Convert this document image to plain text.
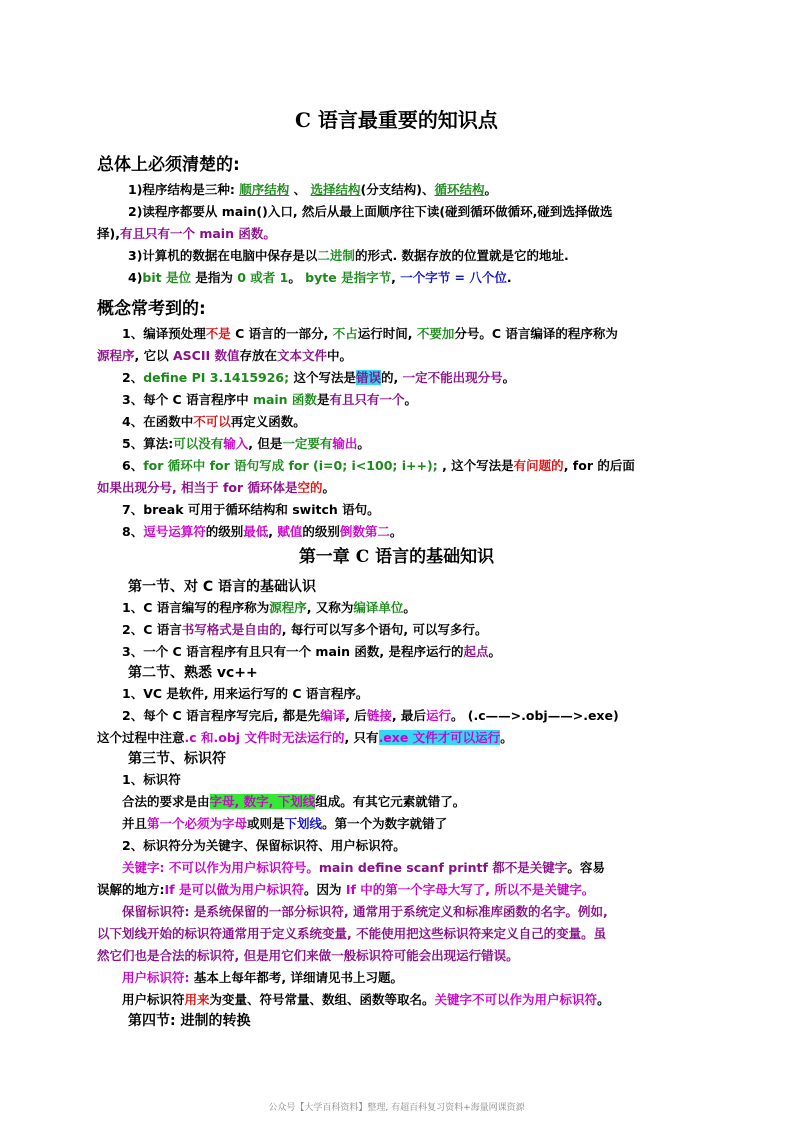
C 语言最重要的知识点
总体上必须清楚的:
1)程序结构是三种: 顺序结构 、 选择结构(分支结构)、循环结构。
2)读程序都要从 main()入口, 然后从最上面顺序往下读(碰到循环做循环,碰到选择做选
择),有且只有一个 main 函数。
3)计算机的数据在电脑中保存是以二进制的形式. 数据存放的位置就是它的地址.
4)bit 是位 是指为 0 或者 1。 byte 是指字节, 一个字节 = 八个位.
概念常考到的:
1、编译预处理不是 C 语言的一部分, 不占运行时间, 不要加分号。C 语言编译的程序称为
源程序, 它以 ASCII 数值存放在文本文件中。
2、define PI 3.1415926; 这个写法是错误的, 一定不能出现分号。
3、每个 C 语言程序中 main 函数是有且只有一个。
4、在函数中不可以再定义函数。
5、算法:可以没有输入, 但是一定要有输出。
6、for 循环中 for 语句写成 for (i=0; i<100; i++); , 这个写法是有问题的, for 的后面
如果出现分号, 相当于 for 循环体是空的。
7、break 可用于循环结构和 switch 语句。
8、逗号运算符的级别最低, 赋值的级别倒数第二。
第一章 C 语言的基础知识
第一节、对 C 语言的基础认识
1、C 语言编写的程序称为源程序, 又称为编译单位。
2、C 语言书写格式是自由的, 每行可以写多个语句, 可以写多行。
3、一个 C 语言程序有且只有一个 main 函数, 是程序运行的起点。
第二节、熟悉 vc++
1、VC 是软件, 用来运行写的 C 语言程序。
2、每个 C 语言程序写完后, 都是先编译, 后链接, 最后运行。 (.c——>.obj——>.exe)
这个过程中注意.c 和.obj 文件时无法运行的, 只有.exe 文件才可以运行。
第三节、标识符
1、标识符
合法的要求是由字母, 数字, 下划线组成。有其它元素就错了。
并且第一个必须为字母或则是下划线。第一个为数字就错了
2、标识符分为关键字、保留标识符、用户标识符。
关键字: 不可以作为用户标识符号。main define scanf printf 都不是关键字。容易
误解的地方:If 是可以做为用户标识符。因为 If 中的第一个字母大写了, 所以不是关键字。
保留标识符: 是系统保留的一部分标识符, 通常用于系统定义和标准库函数的名字。例如,
以下划线开始的标识符通常用于定义系统变量, 不能使用把这些标识符来定义自己的变量。虽
然它们也是合法的标识符, 但是用它们来做一般标识符可能会出现运行错误。
用户标识符: 基本上每年都考, 详细请见书上习题。
用户标识符用来为变量、符号常量、数组、函数等取名。关键字不可以作为用户标识符。
第四节: 进制的转换
公众号【大学百科资料】整理, 有超百科复习资料+海量网课资源
